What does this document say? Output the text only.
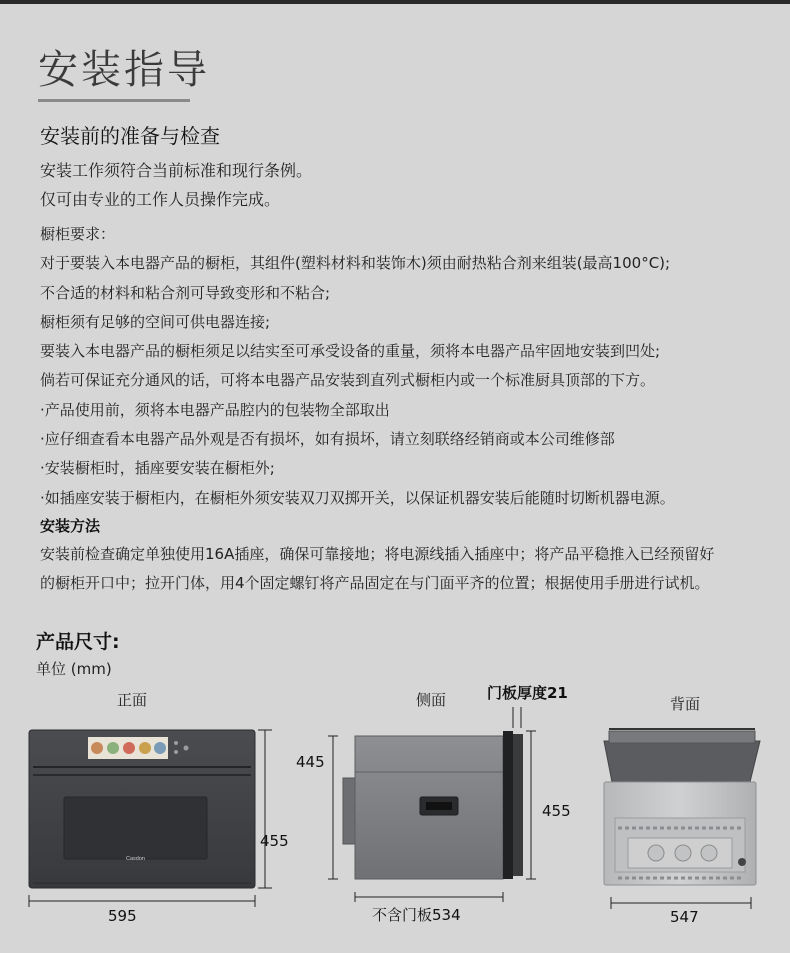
安装指导
安装前的准备与检查
安装工作须符合当前标准和现行条例。
仅可由专业的工作人员操作完成。
橱柜要求：
对于要装入本电器产品的橱柜，其组件(塑料材料和装饰木)须由耐热粘合剂来组装(最高100°C);
不合适的材料和粘合剂可导致变形和不粘合;
橱柜须有足够的空间可供电器连接;
要装入本电器产品的橱柜须足以结实至可承受设备的重量，须将本电器产品牢固地安装到凹处;
倘若可保证充分通风的话，可将本电器产品安装到直列式橱柜内或一个标准厨具顶部的下方。
·产品使用前，须将本电器产品腔内的包装物全部取出
·应仔细查看本电器产品外观是否有损坏，如有损坏，请立刻联络经销商或本公司维修部
·安装橱柜时，插座要安装在橱柜外;
·如插座安装于橱柜内，在橱柜外须安装双刀双掷开关，以保证机器安装后能随时切断机器电源。
安装方法
安装前检查确定单独使用16A插座，确保可靠接地；将电源线插入插座中；将产品平稳推入已经预留好
的橱柜开口中；拉开门体，用4个固定螺钉将产品固定在与门面平齐的位置；根据使用手册进行试机。
产品尺寸:
单位 (mm)
正面	侧面	门板厚度21
背面
Casdon
595
455
445
455
不含门板534	547
